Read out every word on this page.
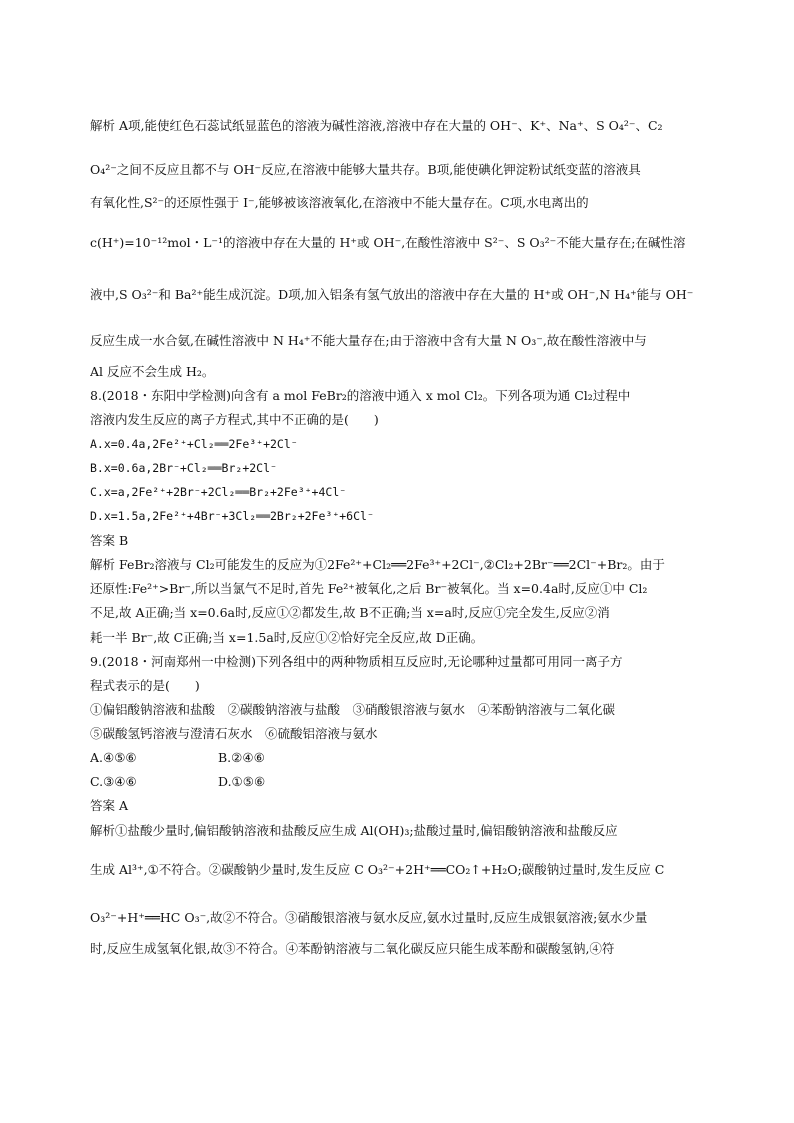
解析 A项,能使红色石蕊试纸显蓝色的溶液为碱性溶液,溶液中存在大量的 OH⁻、K⁺、Na⁺、S O₄²⁻、C₂
O₄²⁻之间不反应且都不与 OH⁻反应,在溶液中能够大量共存。B项,能使碘化钾淀粉试纸变蓝的溶液具
有氧化性,S²⁻的还原性强于 I⁻,能够被该溶液氧化,在溶液中不能大量存在。C项,水电离出的
c(H⁺)=10⁻¹²mol・L⁻¹的溶液中存在大量的 H⁺或 OH⁻,在酸性溶液中 S²⁻、S O₃²⁻不能大量存在;在碱性溶
液中,S O₃²⁻和 Ba²⁺能生成沉淀。D项,加入铝条有氢气放出的溶液中存在大量的 H⁺或 OH⁻,N H₄⁺能与 OH⁻
反应生成一水合氨,在碱性溶液中 N H₄⁺不能大量存在;由于溶液中含有大量 N O₃⁻,故在酸性溶液中与
Al 反应不会生成 H₂。
8.(2018・东阳中学检测)向含有 a mol FeBr₂的溶液中通入 x mol Cl₂。下列各项为通 Cl₂过程中
溶液内发生反应的离子方程式,其中不正确的是(　　)
A.x=0.4a,2Fe²⁺+Cl₂══2Fe³⁺+2Cl⁻
B.x=0.6a,2Br⁻+Cl₂══Br₂+2Cl⁻
C.x=a,2Fe²⁺+2Br⁻+2Cl₂══Br₂+2Fe³⁺+4Cl⁻
D.x=1.5a,2Fe²⁺+4Br⁻+3Cl₂══2Br₂+2Fe³⁺+6Cl⁻
答案 B
解析 FeBr₂溶液与 Cl₂可能发生的反应为①2Fe²⁺+Cl₂══2Fe³⁺+2Cl⁻,②Cl₂+2Br⁻══2Cl⁻+Br₂。由于
还原性:Fe²⁺>Br⁻,所以当氯气不足时,首先 Fe²⁺被氧化,之后 Br⁻被氧化。当 x=0.4a时,反应①中 Cl₂
不足,故 A正确;当 x=0.6a时,反应①②都发生,故 B不正确;当 x=a时,反应①完全发生,反应②消
耗一半 Br⁻,故 C正确;当 x=1.5a时,反应①②恰好完全反应,故 D正确。
9.(2018・河南郑州一中检测)下列各组中的两种物质相互反应时,无论哪种过量都可用同一离子方
程式表示的是(　　)
①偏铝酸钠溶液和盐酸　②碳酸钠溶液与盐酸　③硝酸银溶液与氨水　④苯酚钠溶液与二氧化碳
⑤碳酸氢钙溶液与澄清石灰水　⑥硫酸铝溶液与氨水
A.④⑤⑥	B.②④⑥
C.③④⑥	D.①⑤⑥
答案 A
解析①盐酸少量时,偏铝酸钠溶液和盐酸反应生成 Al(OH)₃;盐酸过量时,偏铝酸钠溶液和盐酸反应
生成 Al³⁺,①不符合。②碳酸钠少量时,发生反应 C O₃²⁻+2H⁺══CO₂↑+H₂O;碳酸钠过量时,发生反应 C
O₃²⁻+H⁺══HC O₃⁻,故②不符合。③硝酸银溶液与氨水反应,氨水过量时,反应生成银氨溶液;氨水少量
时,反应生成氢氧化银,故③不符合。④苯酚钠溶液与二氧化碳反应只能生成苯酚和碳酸氢钠,④符
